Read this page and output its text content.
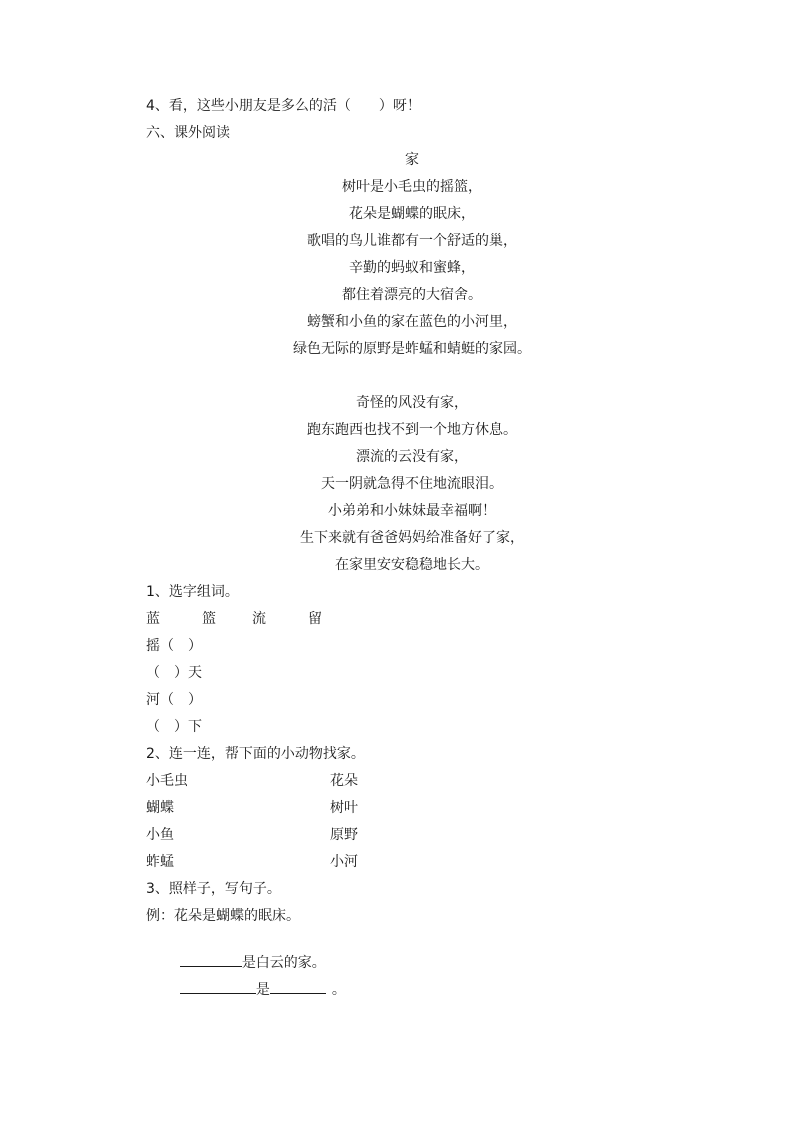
4、看，这些小朋友是多么的活（　　）呀！
六、课外阅读
家
树叶是小毛虫的摇篮，
花朵是蝴蝶的眠床，
歌唱的鸟儿谁都有一个舒适的巢，
辛勤的蚂蚁和蜜蜂，
都住着漂亮的大宿舍。
螃蟹和小鱼的家在蓝色的小河里，
绿色无际的原野是蚱蜢和蜻蜓的家园。
奇怪的风没有家，
跑东跑西也找不到一个地方休息。
漂流的云没有家，
天一阴就急得不住地流眼泪。
小弟弟和小妹妹最幸福啊！
生下来就有爸爸妈妈给准备好了家，
在家里安安稳稳地长大。
1、选字组词。

蓝

	篮

	流

	留

摇（　）
（　）天
河（　）
（　）下
2、连一连，帮下面的小动物找家。
小毛虫	花朵
蝴蝶	树叶
小鱼	原野
蚱蜢	小河
3、照样子，写句子。
例：花朵是蝴蝶的眠床。

是白云的家。

是	。
